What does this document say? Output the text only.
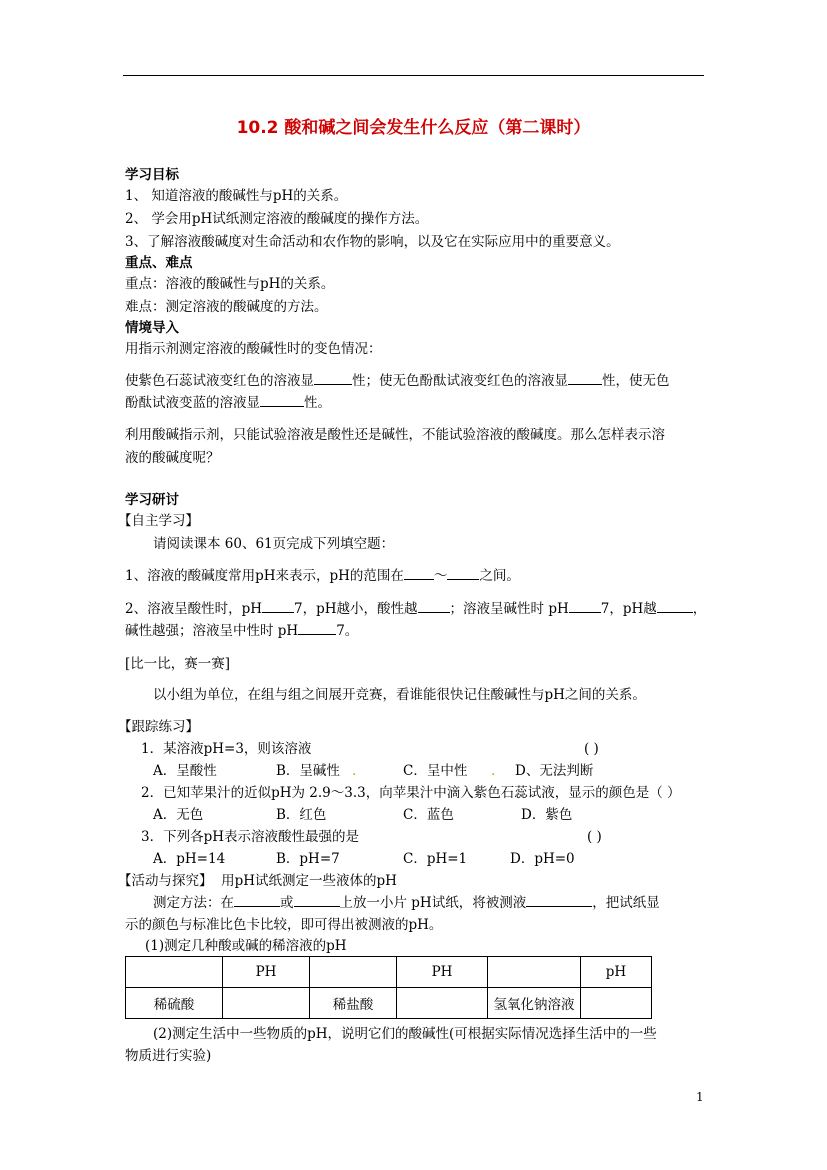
10.2 酸和碱之间会发生什么反应（第二课时）
学习目标
1、 知道溶液的酸碱性与pH的关系。
2、 学会用pH试纸测定溶液的酸碱度的操作方法。
3、了解溶液酸碱度对生命活动和农作物的影响，以及它在实际应用中的重要意义。
重点、难点
重点：溶液的酸碱性与pH的关系。
难点：测定溶液的酸碱度的方法。
情境导入
用指示剂测定溶液的酸碱性时的变色情况：
使紫色石蕊试液变红色的溶液显	性；使无色酚酞试液变红色的溶液显	性，使无色
酚酞试液变蓝的溶液显	性。
利用酸碱指示剂，只能试验溶液是酸性还是碱性，不能试验溶液的酸碱度。那么怎样表示溶
液的酸碱度呢？
学习研讨
【自主学习】
请阅读课本 60、61页完成下列填空题：
1、溶液的酸碱度常用pH来表示，pH的范围在 ～ 之间。
2、溶液呈酸性时，pH 7，pH越小，酸性越 ；溶液呈碱性时 pH 7，pH越	，
碱性越强；溶液呈中性时 pH	7。
[比一比，赛一赛]
以小组为单位，在组与组之间展开竞赛，看谁能很快记住酸碱性与pH之间的关系。
【跟踪练习】
1．某溶液pH=3，则该溶液	( )
A．呈酸性	B．呈碱性 .	C．呈中性 . D、无法判断
2．已知苹果汁的近似pH为 2.9～3.3，向苹果汁中滴入紫色石蕊试液，显示的颜色是（ ）
A．无色	B．红色	C．蓝色	D．紫色
3．下列各pH表示溶液酸性最强的是	( )
A．pH=14	B．pH=7	C．pH=1	D．pH=0
【活动与探究】 用pH试纸测定一些液体的pH
测定方法：在	或	上放一小片 pH试纸，将被测液	，把试纸显
示的颜色与标准比色卡比较，即可得出被测液的pH。
(1)测定几种酸或碱的稀溶液的pH
	PH		PH		pH
稀硫酸		稀盐酸		氢氧化钠溶液	
(2)测定生活中一些物质的pH，说明它们的酸碱性(可根据实际情况选择生活中的一些
物质进行实验)
1
